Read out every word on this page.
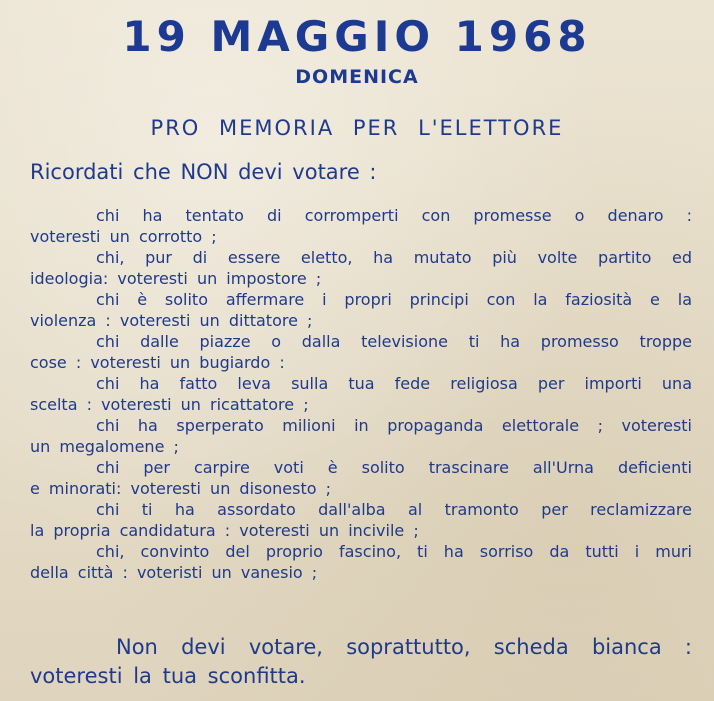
19 MAGGIO 1968
DOMENICA
PRO MEMORIA PER L'ELETTORE
Ricordati che NON devi votare :

chi ha tentato di corromperti con promesse o denaro :
voteresti un corrotto ;

chi, pur di essere eletto, ha mutato più volte partito ed
ideologia: voteresti un impostore ;

chi è solito affermare i propri principi con la faziosità e la
violenza : voteresti un dittatore ;

chi dalle piazze o dalla televisione ti ha promesso troppe
cose : voteresti un bugiardo :

chi ha fatto leva sulla tua fede religiosa per importi una
scelta : voteresti un ricattatore ;

chi ha sperperato milioni in propaganda elettorale ; voteresti
un megalomene ;

chi per carpire voti è solito trascinare all'Urna deficienti
e minorati: voteresti un disonesto ;

chi ti ha assordato dall'alba al tramonto per reclamizzare
la propria candidatura : voteresti un incivile ;

chi, convinto del proprio fascino, ti ha sorriso da tutti i muri
della città : voteristi un vanesio ;

Non devi votare, soprattutto, scheda bianca :
voteresti la tua sconfitta.
